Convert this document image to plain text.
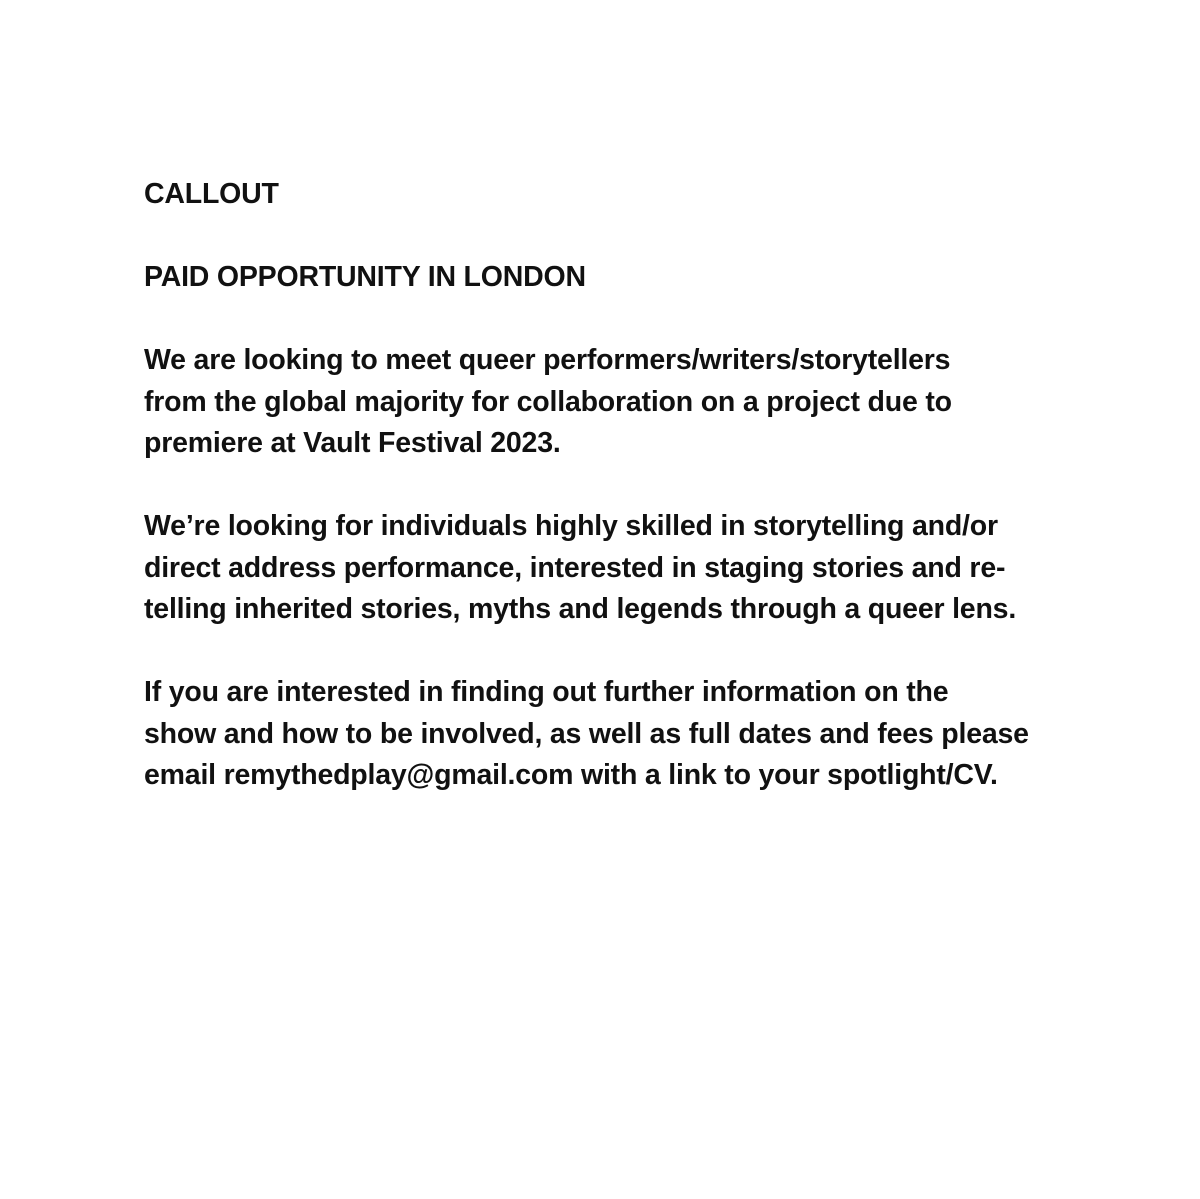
CALLOUT
PAID OPPORTUNITY IN LONDON
We are looking to meet queer performers/writers/storytellers
from the global majority for collaboration on a project due to
premiere at Vault Festival 2023.
We’re looking for individuals highly skilled in storytelling and/or
direct address performance, interested in staging stories and re-
telling inherited stories, myths and legends through a queer lens.
If you are interested in finding out further information on the
show and how to be involved, as well as full dates and fees please
email remythedplay@gmail.com with a link to your spotlight/CV.
